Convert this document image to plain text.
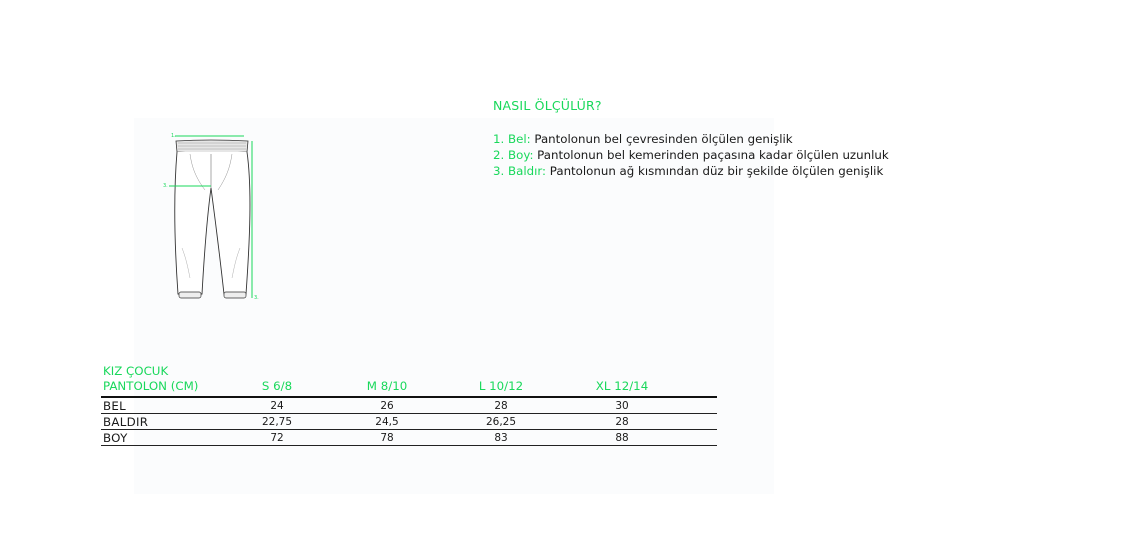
NASIL ÖLÇÜLÜR?
1. Bel: Pantolonun bel çevresinden ölçülen genişlik
2. Boy: Pantolonun bel kemerinden paçasına kadar ölçülen uzunluk
3. Baldır: Pantolonun ağ kısmından düz bir şekilde ölçülen genişlik
1.
3.
3.
KIZ ÇOCUK
PANTOLON (CM)	S 6/8	M 8/10	L 10/12	XL 12/14
BEL	24	26	28	30
BALDIR	22,75	24,5	26,25	28
BOY	72	78	83	88
